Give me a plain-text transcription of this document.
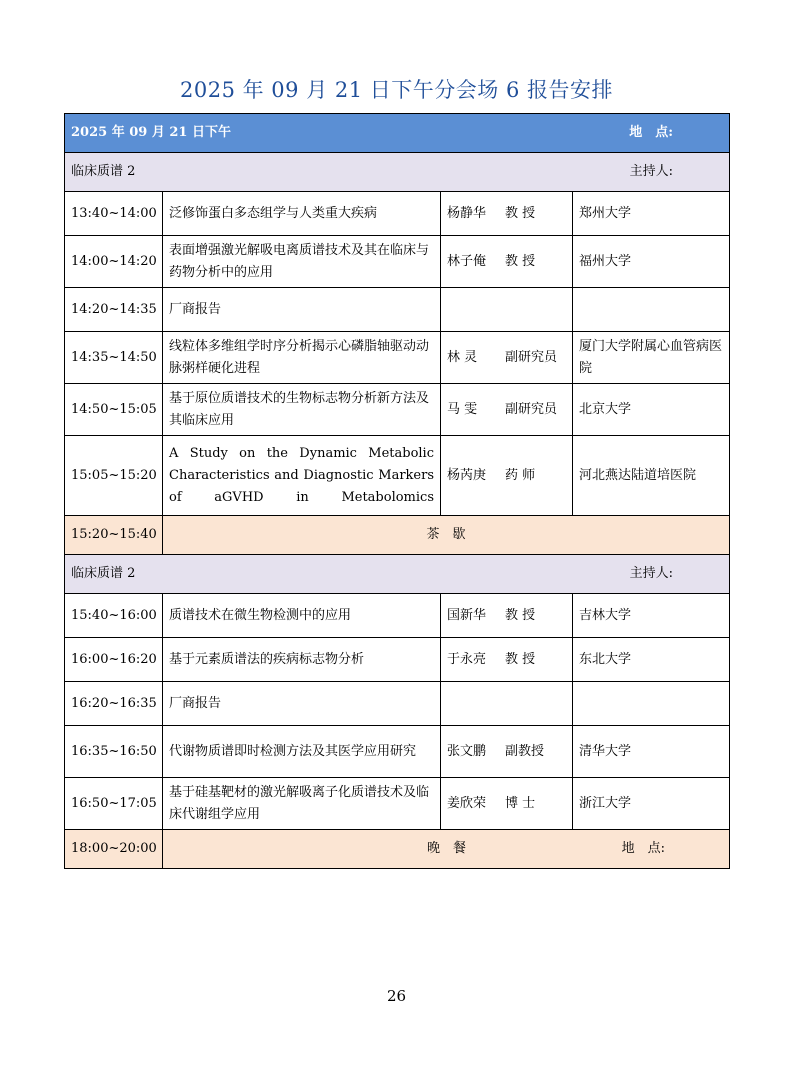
2025 年 09 月 21 日下午分会场 6 报告安排
2025 年 09 月 21 日下午 地　点:			

临床质谱 2 主持人:			

13:40~14:00	泛修饰蛋白多态组学与人类重大疾病	杨静华 教 授	郑州大学
14:00~14:20	表面增强激光解吸电离质谱技术及其在临床与药物分析中的应用	林子俺 教 授	福州大学
14:20~14:35	厂商报告		
14:35~14:50	线粒体多维组学时序分析揭示心磷脂轴驱动动脉粥样硬化进程	林 灵 副研究员	厦门大学附属心血管病医院
14:50~15:05	基于原位质谱技术的生物标志物分析新方法及其临床应用	马 雯 副研究员	北京大学
15:05~15:20	A Study on the Dynamic Metabolic Characteristics and Diagnostic Markers of aGVHD in Metabolomics	杨芮庚 药 师	河北燕达陆道培医院
15:20~15:40	茶　歇		
临床质谱 2 主持人:			

15:40~16:00	质谱技术在微生物检测中的应用	国新华 教 授	吉林大学
16:00~16:20	基于元素质谱法的疾病标志物分析	于永亮 教 授	东北大学
16:20~16:35	厂商报告		
16:35~16:50	代谢物质谱即时检测方法及其医学应用研究	张文鹏 副教授	清华大学
16:50~17:05	基于硅基靶材的激光解吸离子化质谱技术及临床代谢组学应用	姜欣荣 博 士	浙江大学
18:00~20:00	晚　餐 地　点:		
26
